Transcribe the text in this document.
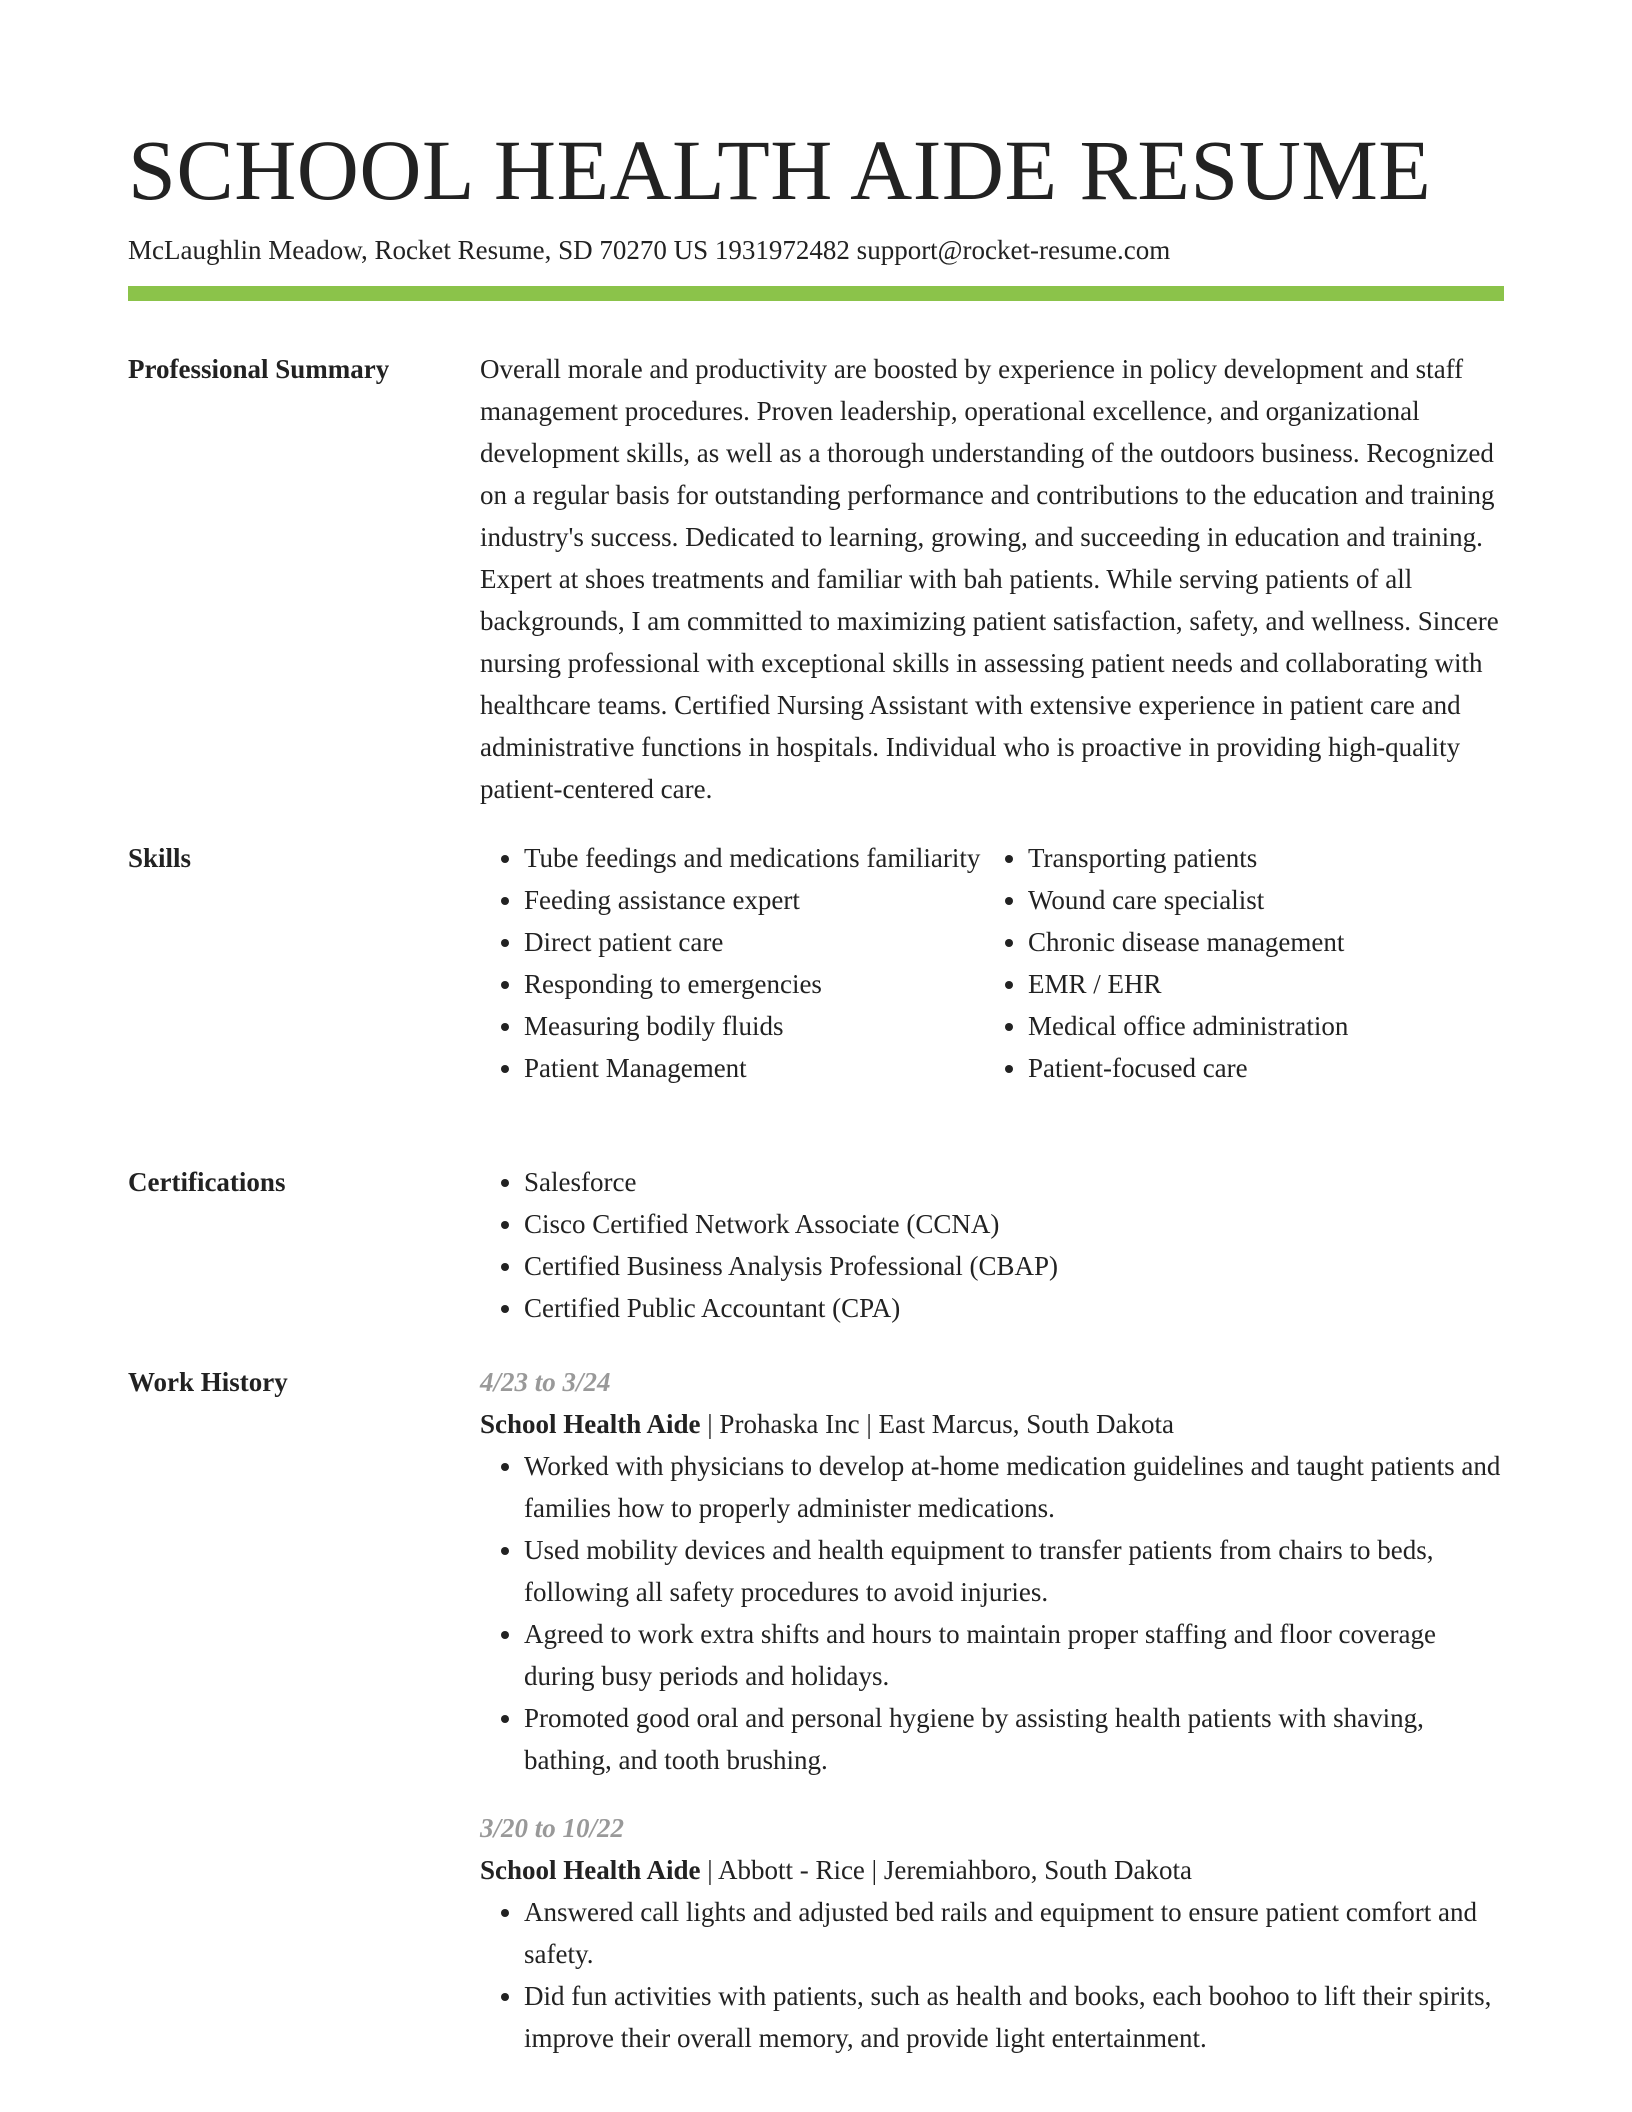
SCHOOL HEALTH AIDE RESUME
McLaughlin Meadow, Rocket Resume, SD 70270 US 1931972482 support@rocket-resume.com
Professional Summary	Overall morale and productivity are boosted by experience in policy development and staff management procedures. Proven leadership, operational excellence, and organizational development skills, as well as a thorough understanding of the outdoors business. Recognized on a regular basis for outstanding performance and contributions to the education and training industry's success. Dedicated to learning, growing, and succeeding in education and training. Expert at shoes treatments and familiar with bah patients. While serving patients of all backgrounds, I am committed to maximizing patient satisfaction, safety, and wellness. Sincere nursing professional with exceptional skills in assessing patient needs and collaborating with healthcare teams. Certified Nursing Assistant with extensive experience in patient care and administrative functions in hospitals. Individual who is proactive in providing high-quality patient-centered care.

Skills	• Tube feedings and medications familiarity
• Feeding assistance expert
• Direct patient care
• Responding to emergencies
• Measuring bodily fluids
• Patient Management
• Transporting patients
• Wound care specialist
• Chronic disease management
• EMR / EHR
• Medical office administration
• Patient-focused care
Certifications	• Salesforce
• Cisco Certified Network Associate (CCNA)
• Certified Business Analysis Professional (CBAP)
• Certified Public Accountant (CPA)
Work History	4/23 to 3/24
School Health Aide | Prohaska Inc | East Marcus, South Dakota
• Worked with physicians to develop at-home medication guidelines and taught patients and families how to properly administer medications.
• Used mobility devices and health equipment to transfer patients from chairs to beds, following all safety procedures to avoid injuries.
• Agreed to work extra shifts and hours to maintain proper staffing and floor coverage during busy periods and holidays.
• Promoted good oral and personal hygiene by assisting health patients with shaving, bathing, and tooth brushing.
3/20 to 10/22
School Health Aide | Abbott - Rice | Jeremiahboro, South Dakota
• Answered call lights and adjusted bed rails and equipment to ensure patient comfort and safety.
• Did fun activities with patients, such as health and books, each boohoo to lift their spirits, improve their overall memory, and provide light entertainment.
